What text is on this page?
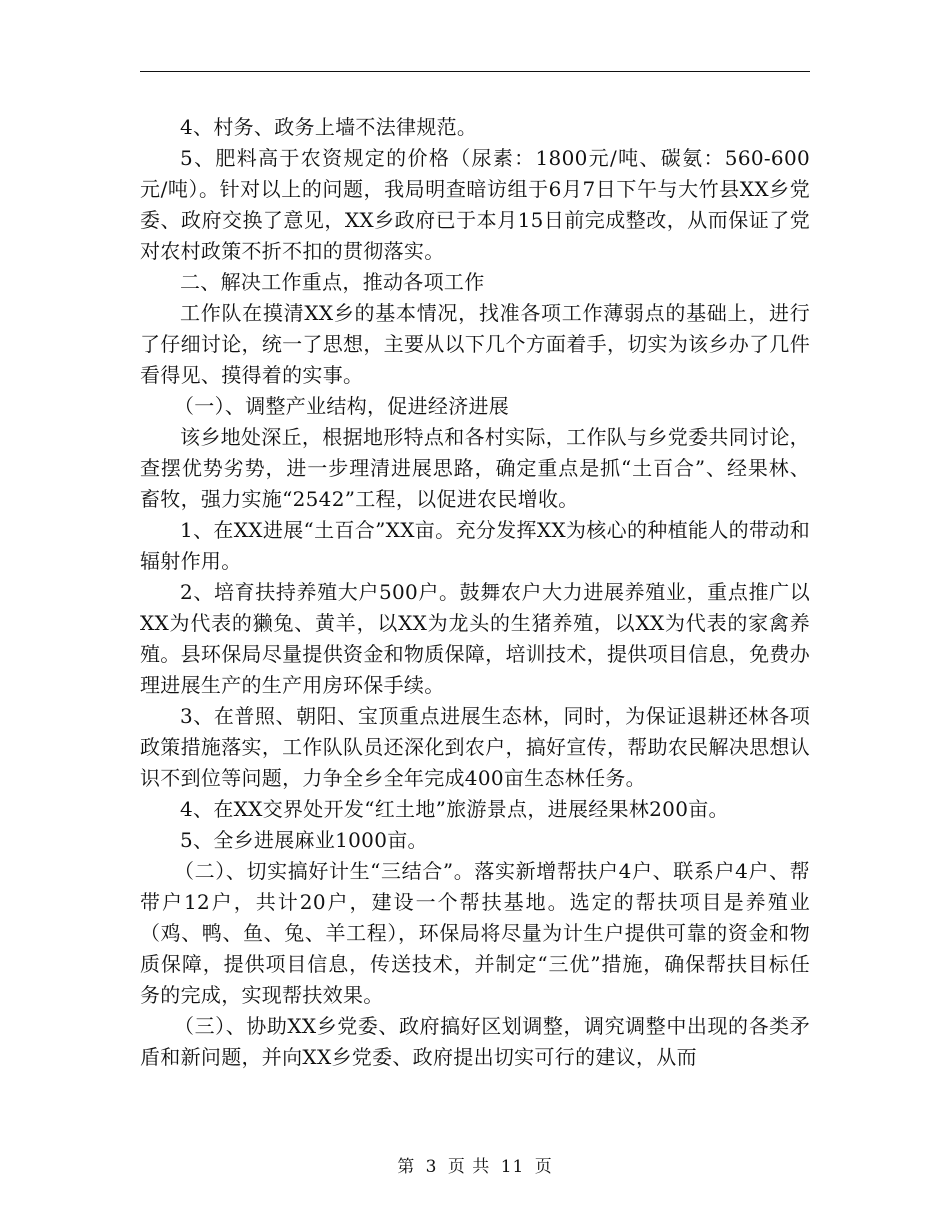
4、村务、政务上墙不法律规范。

5、肥料高于农资规定的价格（尿素：1800元/吨、碳氨：560-600元/吨）。针对以上的问题，我局明查暗访组于6月7日下午与大竹县XX乡党委、政府交换了意见，XX乡政府已于本月15日前完成整改，从而保证了党对农村政策不折不扣的贯彻落实。

二、解决工作重点，推动各项工作

工作队在摸清XX乡的基本情况，找准各项工作薄弱点的基础上，进行了仔细讨论，统一了思想，主要从以下几个方面着手，切实为该乡办了几件看得见、摸得着的实事。

（一）、调整产业结构，促进经济进展

该乡地处深丘，根据地形特点和各村实际，工作队与乡党委共同讨论，查摆优势劣势，进一步理清进展思路，确定重点是抓“土百合”、经果林、畜牧，强力实施“2542”工程，以促进农民增收。

1、在XX进展“土百合”XX亩。充分发挥XX为核心的种植能人的带动和辐射作用。

2、培育扶持养殖大户500户。鼓舞农户大力进展养殖业，重点推广以XX为代表的獭兔、黄羊，以XX为龙头的生猪养殖，以XX为代表的家禽养殖。县环保局尽量提供资金和物质保障，培训技术，提供项目信息，免费办理进展生产的生产用房环保手续。

3、在普照、朝阳、宝顶重点进展生态林，同时，为保证退耕还林各项政策措施落实，工作队队员还深化到农户，搞好宣传，帮助农民解决思想认识不到位等问题，力争全乡全年完成400亩生态林任务。

4、在XX交界处开发“红土地”旅游景点，进展经果林200亩。

5、全乡进展麻业1000亩。

（二）、切实搞好计生“三结合”。落实新增帮扶户4户、联系户4户、帮带户12户，共计20户，建设一个帮扶基地。选定的帮扶项目是养殖业（鸡、鸭、鱼、兔、羊工程），环保局将尽量为计生户提供可靠的资金和物质保障，提供项目信息，传送技术，并制定“三优”措施，确保帮扶目标任务的完成，实现帮扶效果。

（三）、协助XX乡党委、政府搞好区划调整，调究调整中出现的各类矛盾和新问题，并向XX乡党委、政府提出切实可行的建议，从而

第 3 页 共 11 页
